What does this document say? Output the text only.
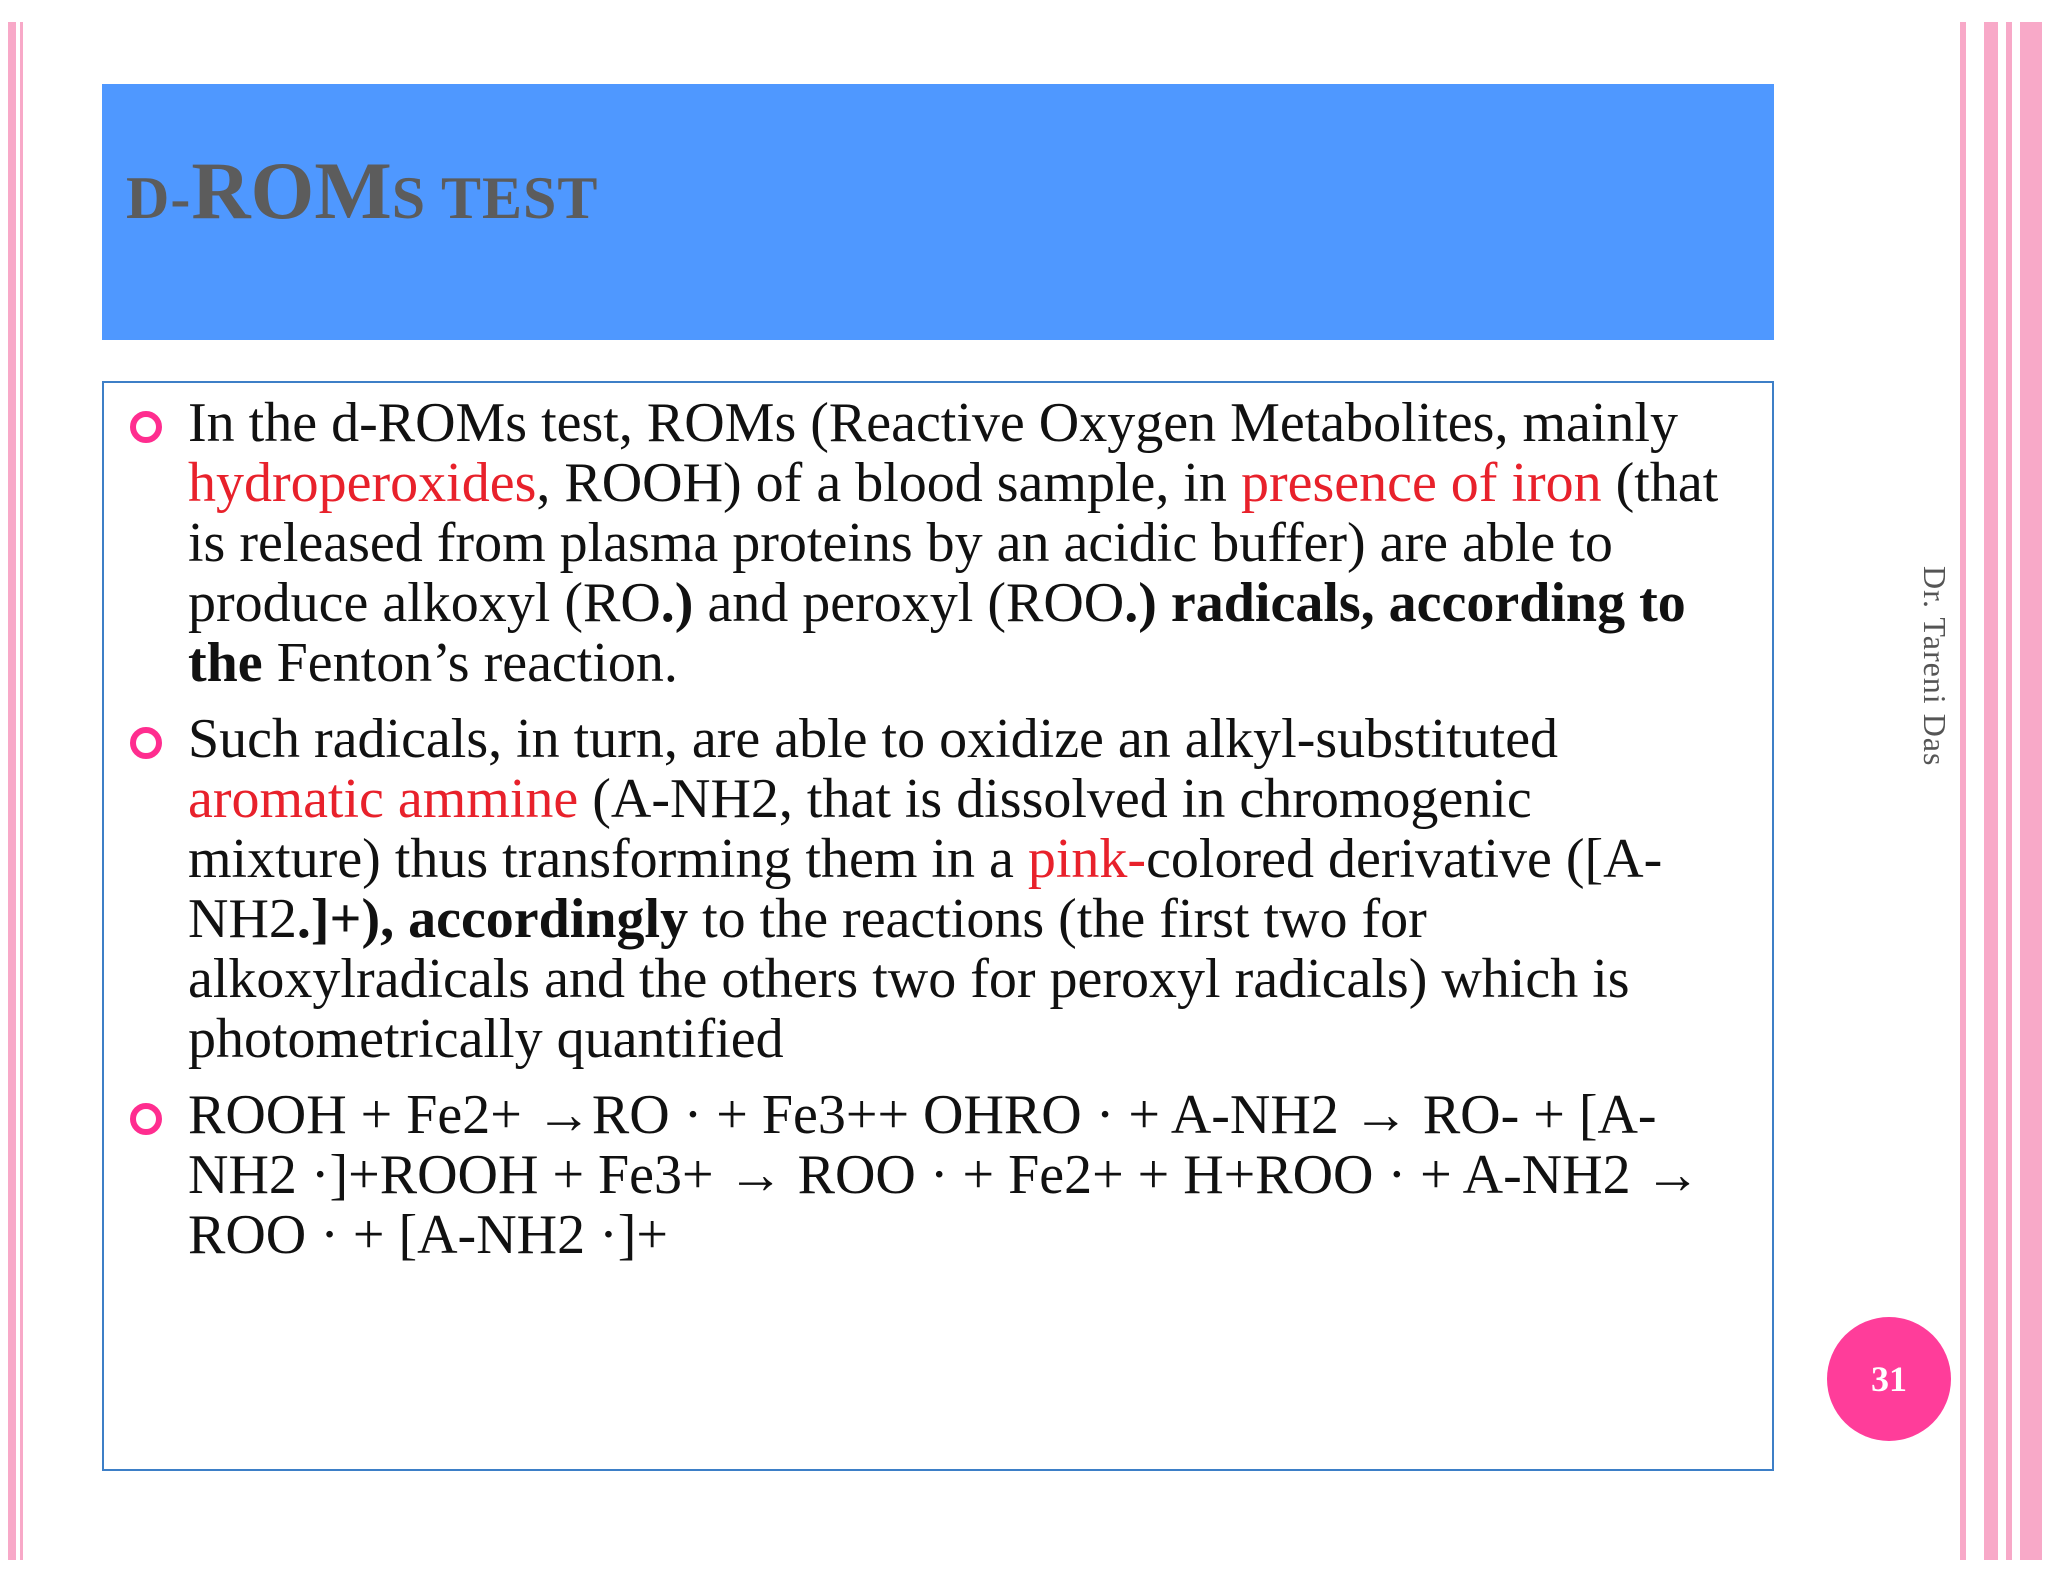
D-ROMS TEST
In the d-ROMs test, ROMs (Reactive Oxygen Metabolites, mainly hydroperoxides, ROOH) of a blood sample, in presence of iron (that is released from plasma proteins by an acidic buffer) are able to produce alkoxyl (RO.) and peroxyl (ROO.) radicals, according to the Fenton’s reaction.
Such radicals, in turn, are able to oxidize an alkyl-substituted aromatic ammine (A-NH2, that is dissolved in chromogenic mixture) thus transforming them in a pink-colored derivative ([A-NH2.]+), accordingly to the reactions (the first two for alkoxylradicals and the others two for peroxyl radicals) which is photometrically quantified
ROOH + Fe2+ →RO · + Fe3++ OHRO · + A-NH2 → RO- + [A-NH2 ·]+ROOH + Fe3+ → ROO · + Fe2+ + H+ROO · + A-NH2 → ROO · + [A-NH2 ·]+
Dr. Tareni Das
31
